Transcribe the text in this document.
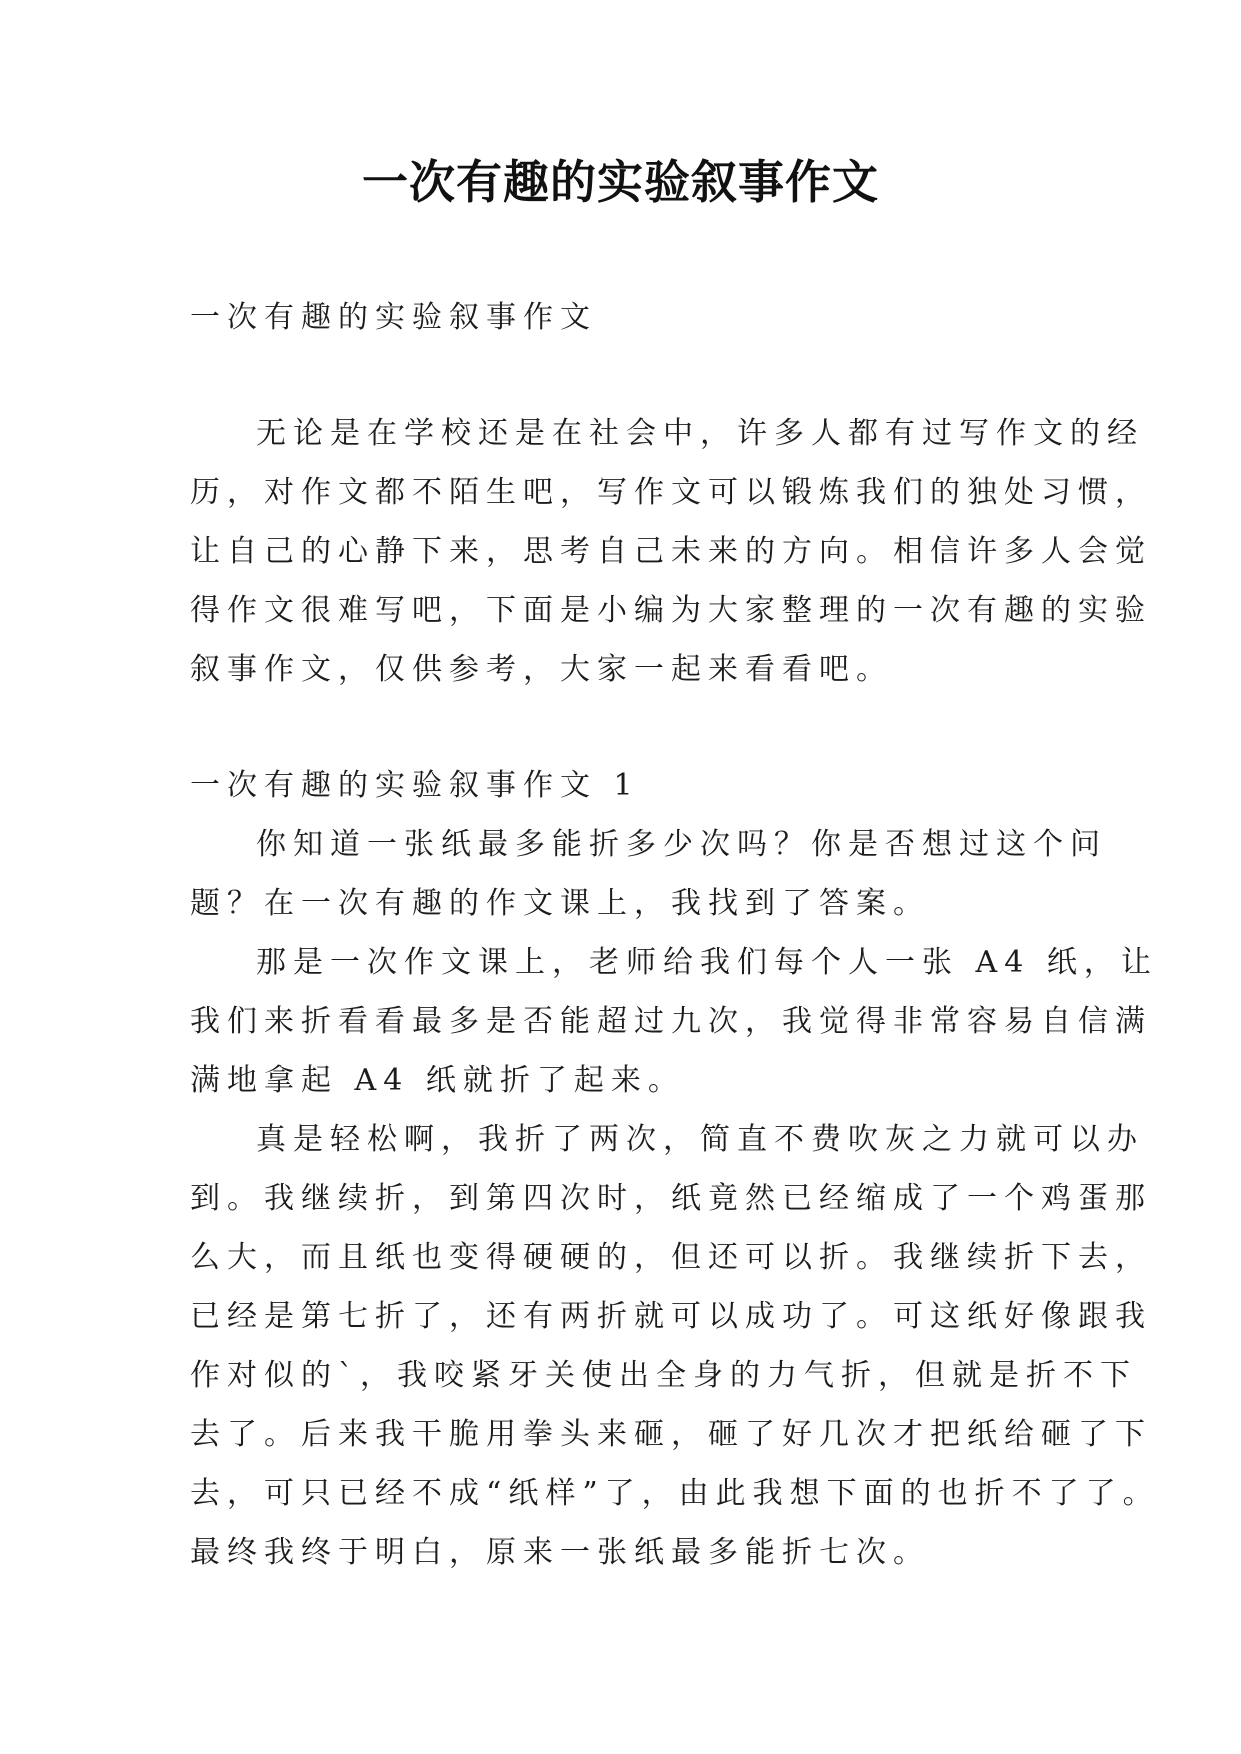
一次有趣的实验叙事作文
一次有趣的实验叙事作文
无论是在学校还是在社会中，许多人都有过写作文的经
历，对作文都不陌生吧，写作文可以锻炼我们的独处习惯，
让自己的心静下来，思考自己未来的方向。相信许多人会觉
得作文很难写吧，下面是小编为大家整理的一次有趣的实验
叙事作文，仅供参考，大家一起来看看吧。
一次有趣的实验叙事作文 1
你知道一张纸最多能折多少次吗？你是否想过这个问
题？在一次有趣的作文课上，我找到了答案。
那是一次作文课上，老师给我们每个人一张 A4 纸，让
我们来折看看最多是否能超过九次，我觉得非常容易自信满
满地拿起 A4 纸就折了起来。
真是轻松啊，我折了两次，简直不费吹灰之力就可以办
到。我继续折，到第四次时，纸竟然已经缩成了一个鸡蛋那
么大，而且纸也变得硬硬的，但还可以折。我继续折下去，
已经是第七折了，还有两折就可以成功了。可这纸好像跟我
作对似的`，我咬紧牙关使出全身的力气折，但就是折不下
去了。后来我干脆用拳头来砸，砸了好几次才把纸给砸了下
去，可只已经不成“纸样”了，由此我想下面的也折不了了。
最终我终于明白，原来一张纸最多能折七次。
